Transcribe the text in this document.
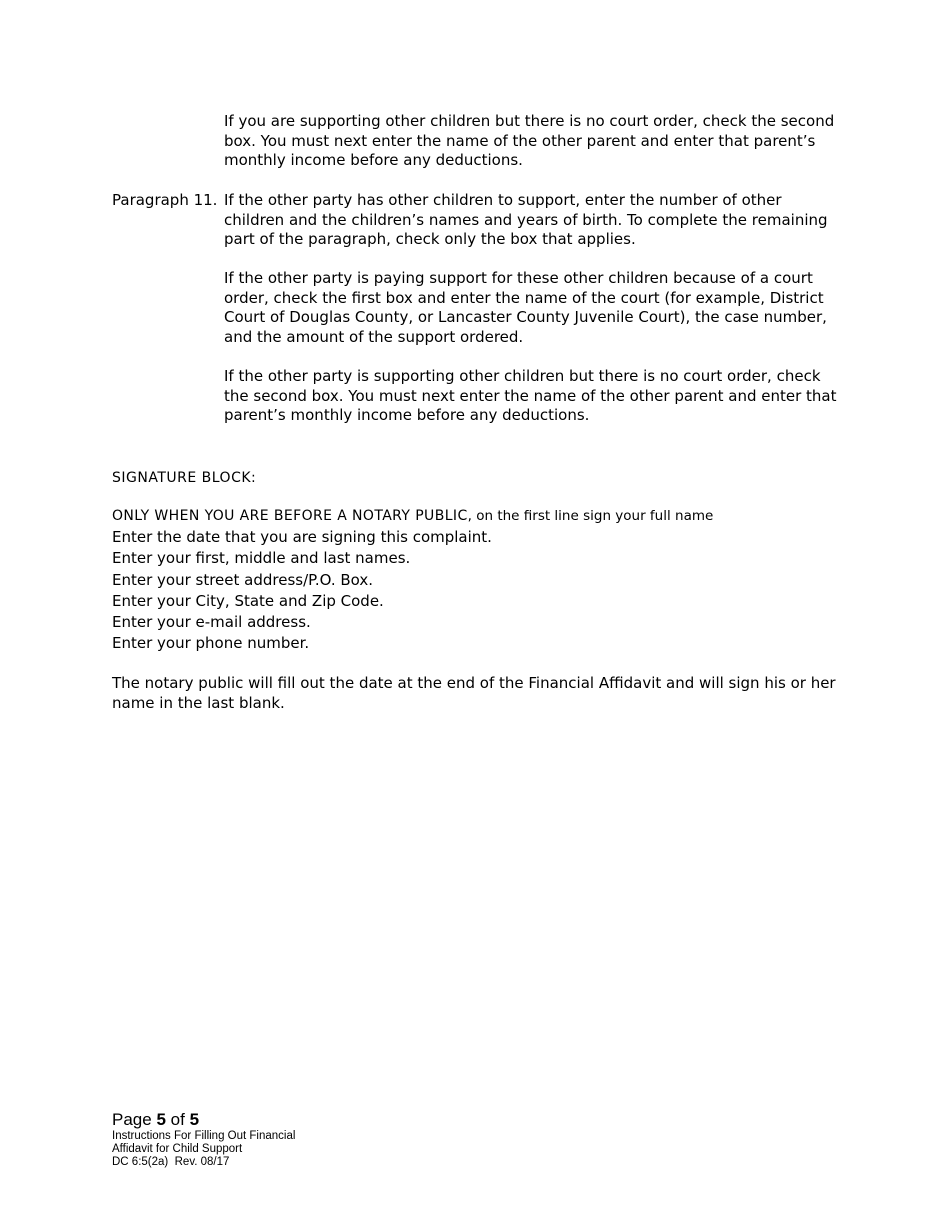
If you are supporting other children but there is no court order, check the second box. You must next enter the name of the other parent and enter that parent’s monthly income before any deductions.

Paragraph 11. If the other party has other children to support, enter the number of other children and the children’s names and years of birth. To complete the remaining part of the paragraph, check only the box that applies.

If the other party is paying support for these other children because of a court order, check the first box and enter the name of the court (for example, District Court of Douglas County, or Lancaster County Juvenile Court), the case number, and the amount of the support ordered.

If the other party is supporting other children but there is no court order, check the second box. You must next enter the name of the other parent and enter that parent’s monthly income before any deductions.

SIGNATURE BLOCK:

ONLY WHEN YOU ARE BEFORE A NOTARY PUBLIC, on the first line sign your full name
Enter the date that you are signing this complaint.
Enter your first, middle and last names.
Enter your street address/P.O. Box.
Enter your City, State and Zip Code.
Enter your e-mail address.
Enter your phone number.

The notary public will fill out the date at the end of the Financial Affidavit and will sign his or her name in the last blank.

Page 5 of 5

Instructions For Filling Out Financial

Affidavit for Child Support

DC 6:5(2a)  Rev. 08/17
